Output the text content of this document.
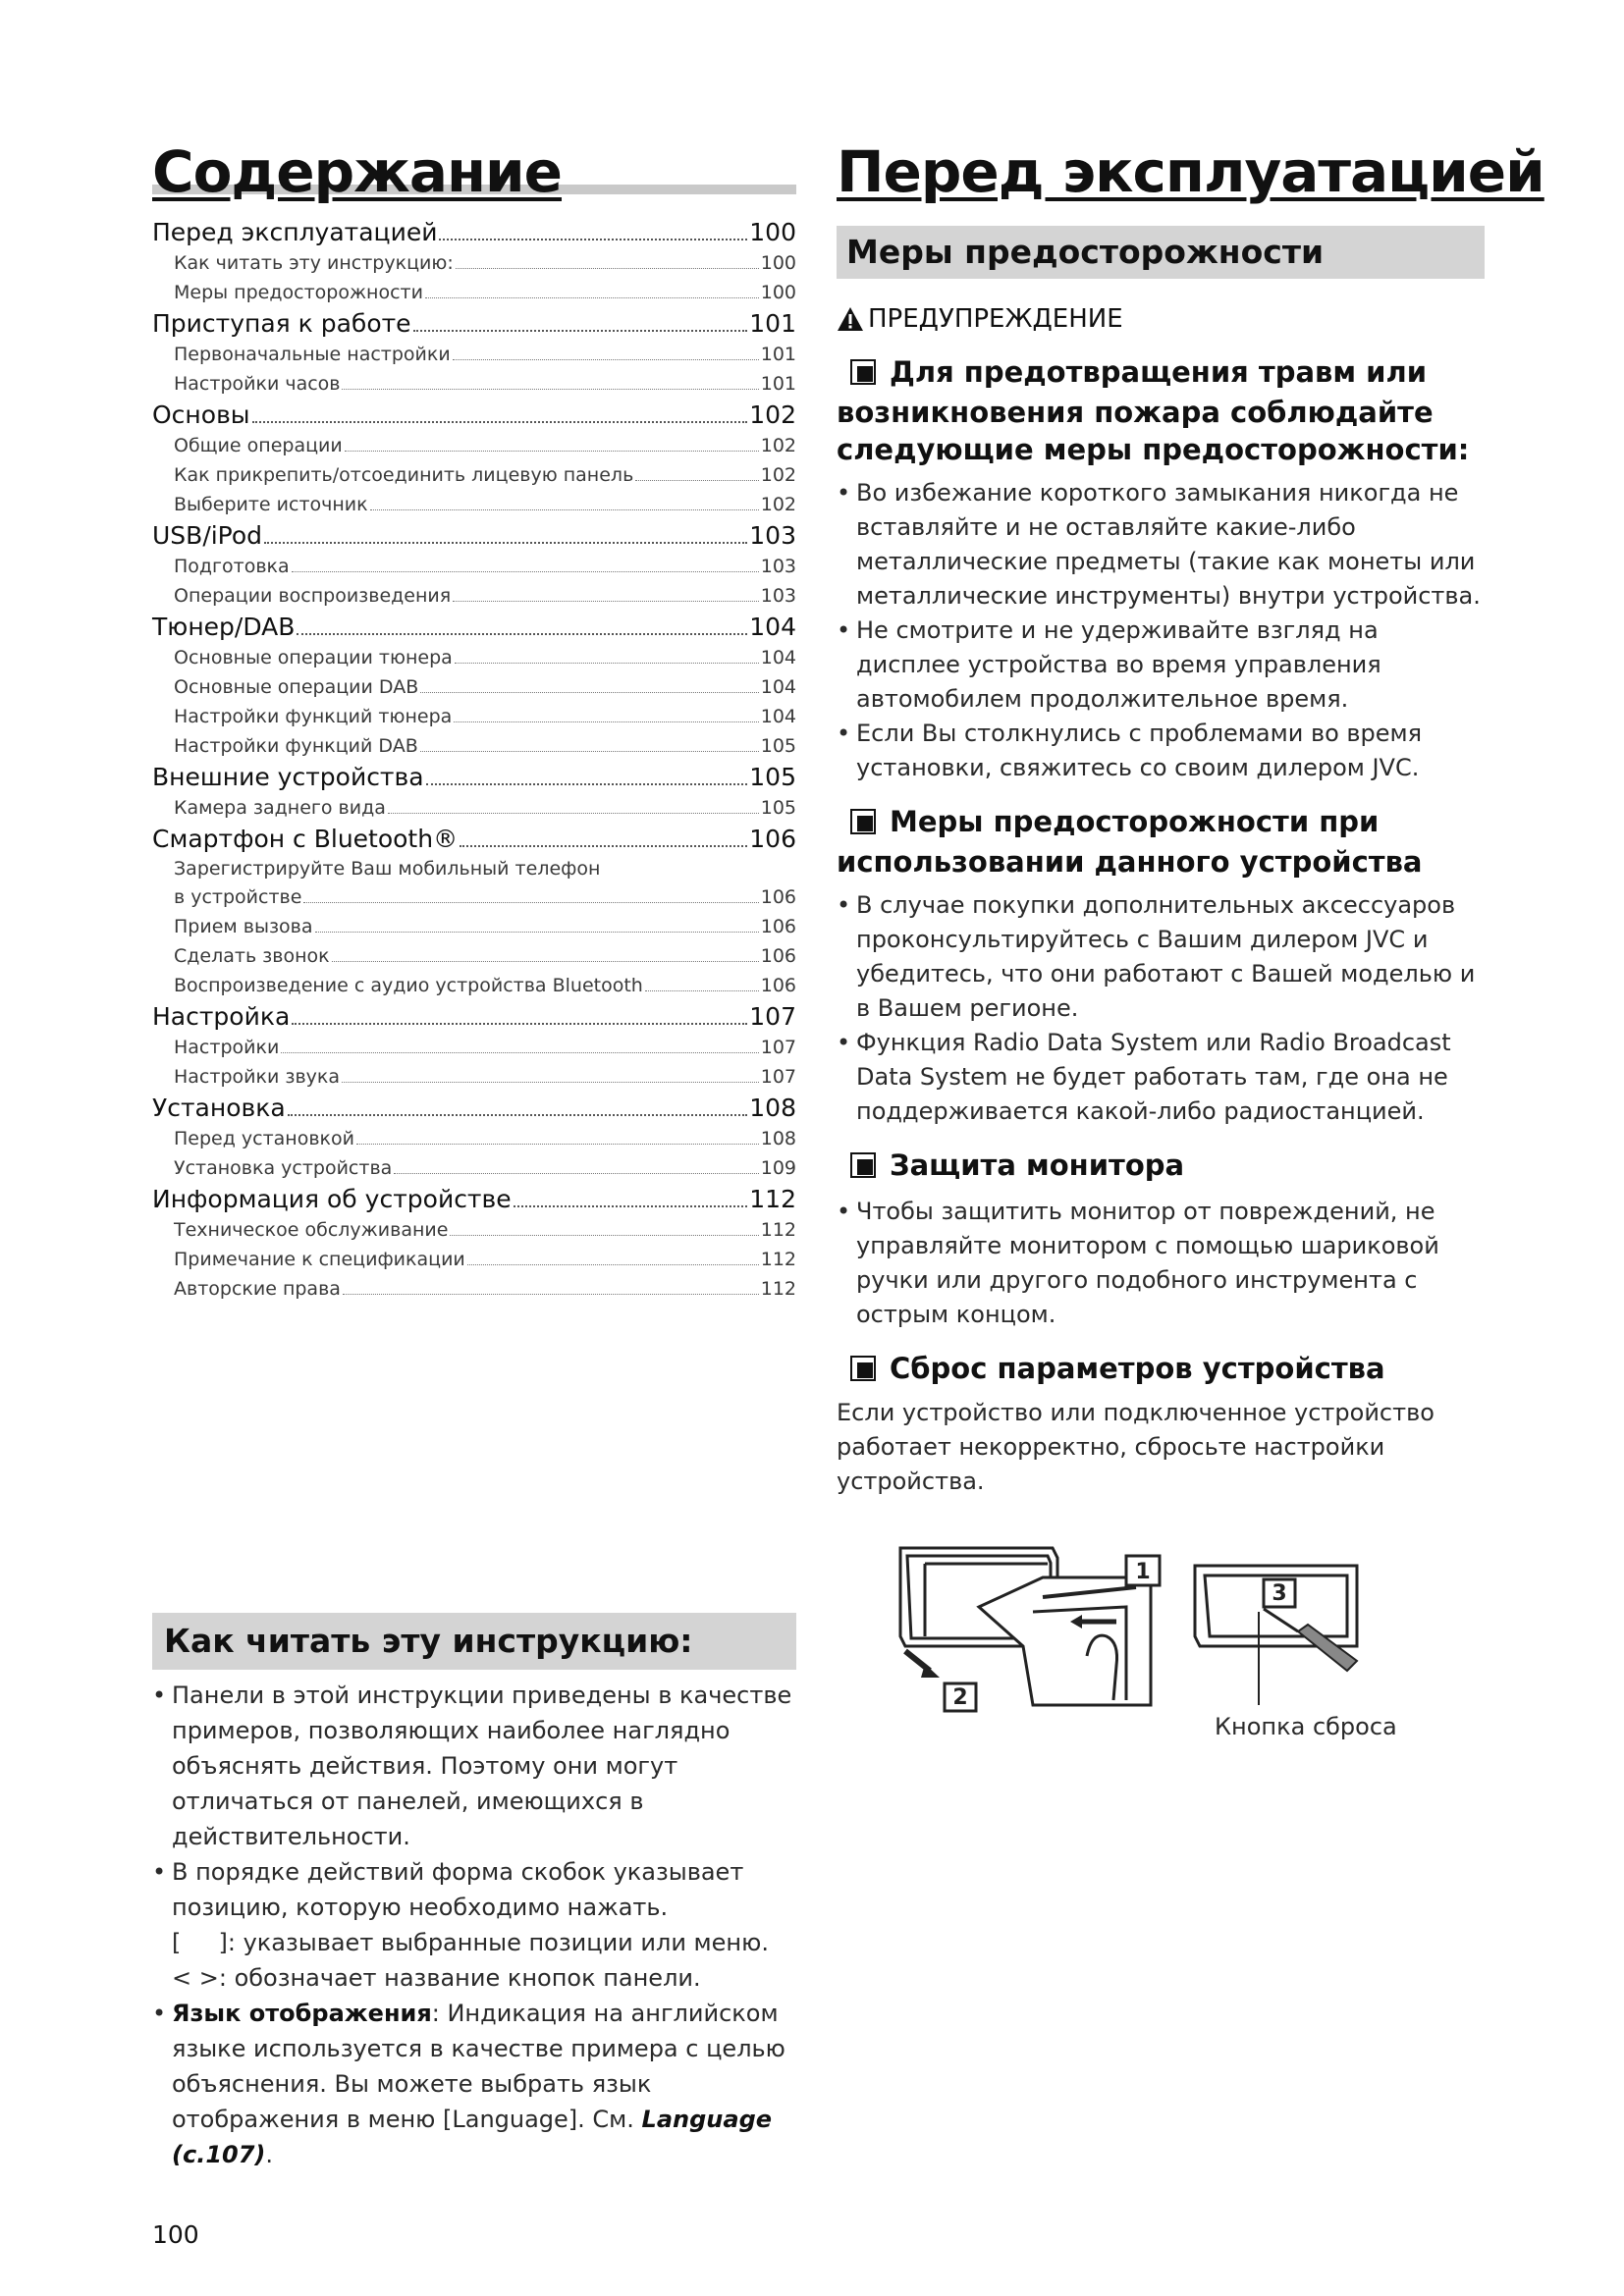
Содержание
Перед эксплуатацией	100
Как читать эту инструкцию:	100
Меры предосторожности	100
Приступая к работе	101
Первоначальные настройки	101
Настройки часов	101
Основы	102
Общие операции	102
Как прикрепить/отсоединить лицевую панель	102
Выберите источник	102
USB/iPod	103
Подготовка	103
Операции воспроизведения	103
Тюнер/DAB	104
Основные операции тюнера	104
Основные операции DAB	104
Настройки функций тюнера	104
Настройки функций DAB	105
Внешние устройства	105
Камера заднего вида	105
Смартфон с Bluetooth®	106
Зарегистрируйте Ваш мобильный телефон
в устройстве	106
Прием вызова	106
Сделать звонок	106
Воспроизведение с аудио устройства Bluetooth	106
Настройка	107
Настройки	107
Настройки звука	107
Установка	108
Перед установкой	108
Установка устройства	109
Информация об устройстве	112
Техническое обслуживание	112
Примечание к спецификации	112
Авторские права	112
Как читать эту инструкцию:
• Панели в этой инструкции приведены в качестве примеров, позволяющих наиболее наглядно объяснять действия. Поэтому они могут отличаться от панелей, имеющихся в действительности.
• В порядке действий форма скобок указывает позицию, которую необходимо нажать.
[     ]: указывает выбранные позиции или меню.
< >: обозначает название кнопок панели.
• Язык отображения: Индикация на английском языке используется в качестве примера с целью объяснения. Вы можете выбрать язык отображения в меню [Language]. См. Language (с.107).
100
Перед эксплуатацией
Меры предосторожности
ПРЕДУПРЕЖДЕНИЕ
Для предотвращения травм или возникновения пожара соблюдайте следующие меры предосторожности:
• Во избежание короткого замыкания никогда не вставляйте и не оставляйте какие-либо металлические предметы (такие как монеты или металлические инструменты) внутри устройства.
• Не смотрите и не удерживайте взгляд на дисплее устройства во время управления автомобилем продолжительное время.
• Если Вы столкнулись с проблемами во время установки, свяжитесь со своим дилером JVC.
Меры предосторожности при использовании данного устройства
• В случае покупки дополнительных аксессуаров проконсультируйтесь с Вашим дилером JVC и убедитесь, что они работают с Вашей моделью и в Вашем регионе.
• Функция Radio Data System или Radio Broadcast Data System не будет работать там, где она не поддерживается какой-либо радиостанцией.
Защита монитора
• Чтобы защитить монитор от повреждений, не управляйте монитором с помощью шариковой ручки или другого подобного инструмента с острым концом.
Сброс параметров устройства
Если устройство или подключенное устройство работает некорректно, сбросьте настройки устройства.
1
2
3
Кнопка сброса
